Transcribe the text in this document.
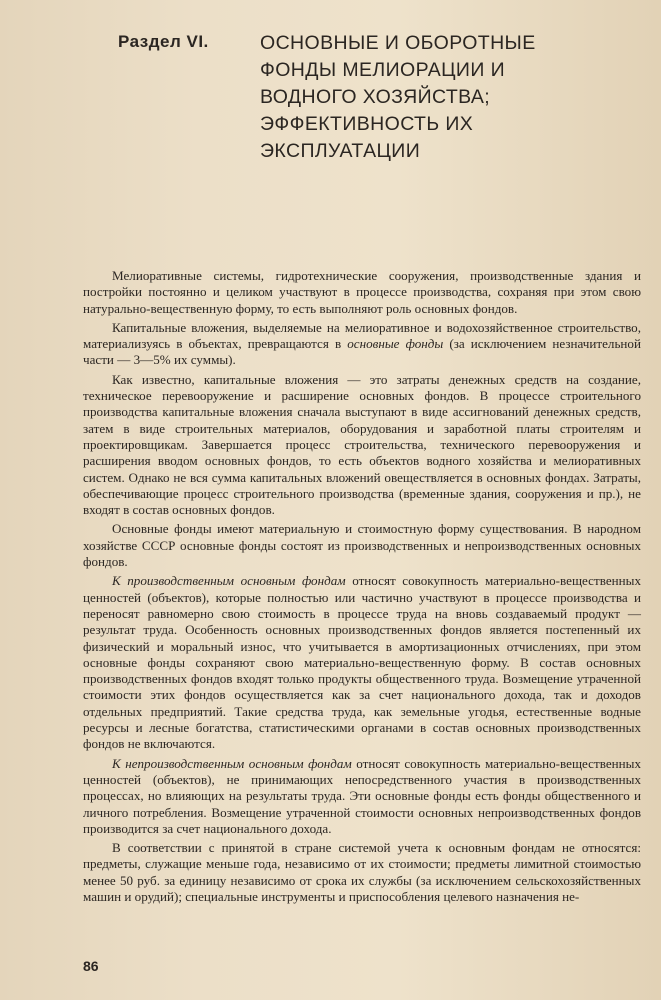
Раздел VI.	ОСНОВНЫЕ И ОБОРОТНЫЕ ФОНДЫ МЕЛИОРАЦИИ И ВОДНОГО ХОЗЯЙСТВА; ЭФФЕКТИВНОСТЬ ИХ ЭКСПЛУАТАЦИИ

Мелиоративные системы, гидротехнические сооружения, производственные здания и постройки постоянно и целиком участвуют в процессе производства, сохраняя при этом свою натурально-вещественную форму, то есть выполняют роль основных фондов.

Капитальные вложения, выделяемые на мелиоративное и водохозяйственное строительство, материализуясь в объектах, превращаются в основные фонды (за исключением незначительной части — 3—5% их суммы).

Как известно, капитальные вложения — это затраты денежных средств на создание, техническое перевооружение и расширение основных фондов. В процессе строительного производства капитальные вложения сначала выступают в виде ассигнований денежных средств, затем в виде строительных материалов, оборудования и заработной платы строителям и проектировщикам. Завершается процесс строительства, технического перевооружения и расширения вводом основных фондов, то есть объектов водного хозяйства и мелиоративных систем. Однако не вся сумма капитальных вложений овеществляется в основных фондах. Затраты, обеспечивающие процесс строительного производства (временные здания, сооружения и пр.), не входят в состав основных фондов.

Основные фонды имеют материальную и стоимостную форму существования. В народном хозяйстве СССР основные фонды состоят из производственных и непроизводственных основных фондов.

К производственным основным фондам относят совокупность материально-вещественных ценностей (объектов), которые полностью или частично участвуют в процессе производства и переносят равномерно свою стоимость в процессе труда на вновь создаваемый продукт — результат труда. Особенность основных производственных фондов является постепенный их физический и моральный износ, что учитывается в амортизационных отчислениях, при этом основные фонды сохраняют свою материально-вещественную форму. В состав основных производственных фондов входят только продукты общественного труда. Возмещение утраченной стоимости этих фондов осуществляется как за счет национального дохода, так и доходов отдельных предприятий. Такие средства труда, как земельные угодья, естественные водные ресурсы и лесные богатства, статистическими органами в состав основных производственных фондов не включаются.

К непроизводственным основным фондам относят совокупность материально-вещественных ценностей (объектов), не принимающих непосредственного участия в производственных процессах, но влияющих на результаты труда. Эти основные фонды есть фонды общественного и личного потребления. Возмещение утраченной стоимости основных непроизводственных фондов производится за счет национального дохода.

В соответствии с принятой в стране системой учета к основным фондам не относятся: предметы, служащие меньше года, независимо от их стоимости; предметы лимитной стоимостью менее 50 руб. за единицу независимо от срока их службы (за исключением сельскохозяйственных машин и орудий); специальные инструменты и приспособления целевого назначения не-

86
